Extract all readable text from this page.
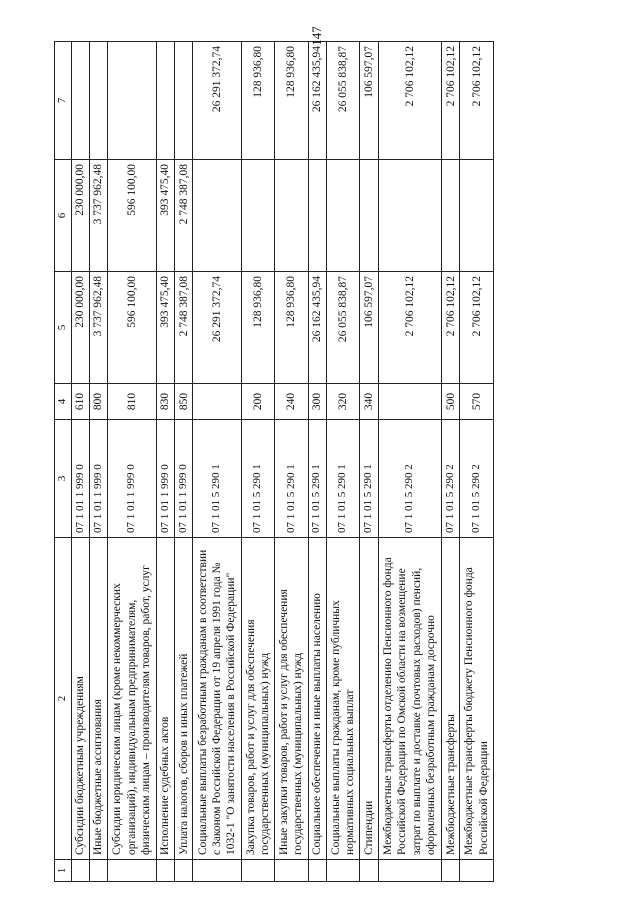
147
1	2	3	4	5	6	7
	Субсидии бюджетным учреждениям	07 1 01 1 999 0	610	230 000,00	230 000,00	
	Иные бюджетные ассигнования	07 1 01 1 999 0	800	3 737 962,48	3 737 962,48	
	Субсидии юридическим лицам (кроме некоммерческих организаций), индивидуальным предпринимателям, физическим лицам – производителям товаров, работ, услуг	07 1 01 1 999 0	810	596 100,00	596 100,00	
	Исполнение судебных актов	07 1 01 1 999 0	830	393 475,40	393 475,40	
	Уплата налогов, сборов и иных платежей	07 1 01 1 999 0	850	2 748 387,08	2 748 387,08	
	Социальные выплаты безработным гражданам в соответствии с Законом Российской Федерации от 19 апреля 1991 года № 1032-1 "О занятости населения в Российской Федерации"	07 1 01 5 290 1		26 291 372,74		26 291 372,74
	Закупка товаров, работ и услуг для обеспечения государственных (муниципальных) нужд	07 1 01 5 290 1	200	128 936,80		128 936,80
	Иные закупки товаров, работ и услуг для обеспечения государственных (муниципальных) нужд	07 1 01 5 290 1	240	128 936,80		128 936,80
	Социальное обеспечение и иные выплаты населению	07 1 01 5 290 1	300	26 162 435,94		26 162 435,94
	Социальные выплаты гражданам, кроме публичных нормативных социальных выплат	07 1 01 5 290 1	320	26 055 838,87		26 055 838,87
	Стипендии	07 1 01 5 290 1	340	106 597,07		106 597,07
	Межбюджетные трансферты отделению Пенсионного фонда Российской Федерации по Омской области на возмещение затрат по выплате и доставке (почтовых расходов) пенсий, оформленных безработным гражданам досрочно	07 1 01 5 290 2		2 706 102,12		2 706 102,12
	Межбюджетные трансферты	07 1 01 5 290 2	500	2 706 102,12		2 706 102,12
	Межбюджетные трансферты бюджету Пенсионного фонда Российской Федерации	07 1 01 5 290 2	570	2 706 102,12		2 706 102,12
